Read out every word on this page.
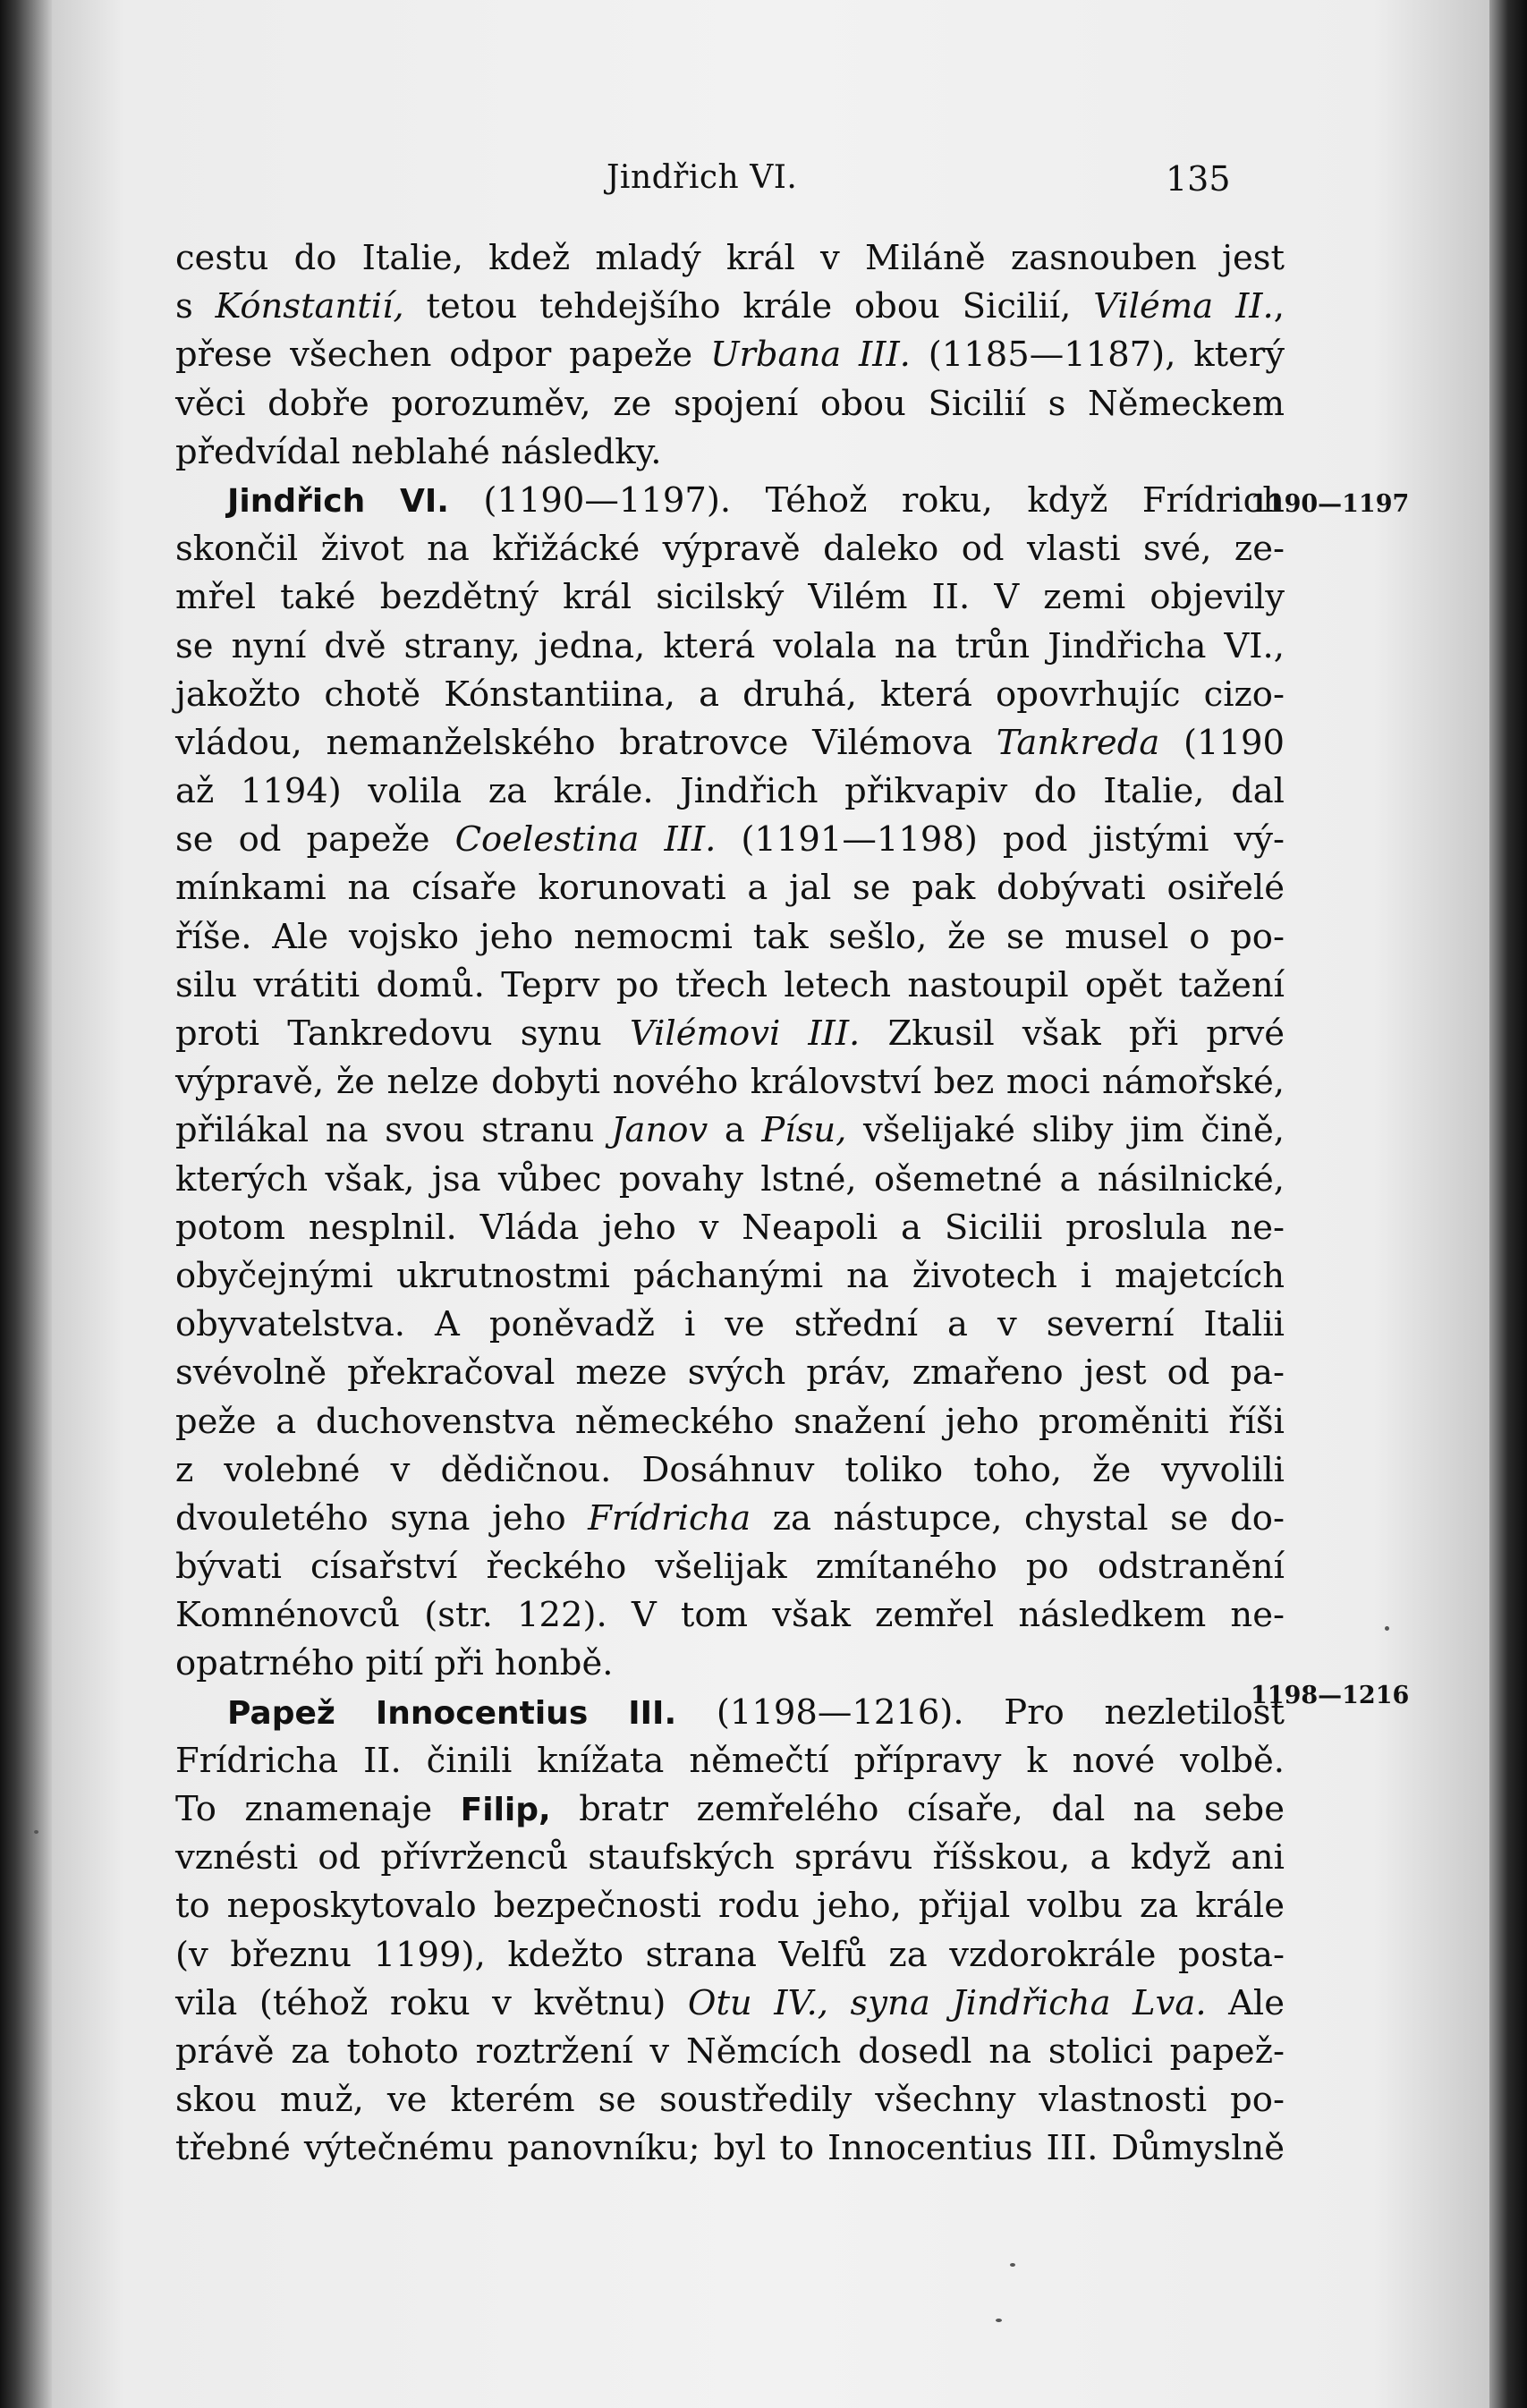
Jindřich VI.	135
cestu do Italie, kdež mladý král v Miláně zasnouben jest
s Kónstantií, tetou tehdejšího krále obou Sicilií, Viléma II.,
přese všechen odpor papeže Urbana III. (1185—1187), který
věci dobře porozuměv, ze spojení obou Sicilií s Německem
předvídal neblahé následky.
Jindřich VI. (1190—1197). Téhož roku, když Frídrich
skončil život na křižácké výpravě daleko od vlasti své, ze-
mřel také bezdětný král sicilský Vilém II. V zemi objevily
se nyní dvě strany, jedna, která volala na trůn Jindřicha VI.,
jakožto chotě Kónstantiina, a druhá, která opovrhujíc cizo-
vládou, nemanželského bratrovce Vilémova Tankreda (1190
až 1194) volila za krále. Jindřich přikvapiv do Italie, dal
se od papeže Coelestina III. (1191—1198) pod jistými vý-
mínkami na císaře korunovati a jal se pak dobývati osiřelé
říše. Ale vojsko jeho nemocmi tak sešlo, že se musel o po-
silu vrátiti domů. Teprv po třech letech nastoupil opět tažení
proti Tankredovu synu Vilémovi III. Zkusil však při prvé
výpravě, že nelze dobyti nového království bez moci námořské,
přilákal na svou stranu Janov a Písu, všelijaké sliby jim čině,
kterých však, jsa vůbec povahy lstné, ošemetné a násilnické,
potom nesplnil. Vláda jeho v Neapoli a Sicilii proslula ne-
obyčejnými ukrutnostmi páchanými na životech i majetcích
obyvatelstva. A poněvadž i ve střední a v severní Italii
svévolně překračoval meze svých práv, zmařeno jest od pa-
peže a duchovenstva německého snažení jeho proměniti říši
z volebné v dědičnou. Dosáhnuv toliko toho, že vyvolili
dvouletého syna jeho Frídricha za nástupce, chystal se do-
bývati císařství řeckého všelijak zmítaného po odstranění
Komnénovců (str. 122). V tom však zemřel následkem ne-
opatrného pití při honbě.
Papež Innocentius III. (1198—1216). Pro nezletilost
Frídricha II. činili knížata němečtí přípravy k nové volbě.
To znamenaje Filip, bratr zemřelého císaře, dal na sebe
vznésti od přívrženců staufských správu říšskou, a když ani
to neposkytovalo bezpečnosti rodu jeho, přijal volbu za krále
(v březnu 1199), kdežto strana Velfů za vzdorokrále posta-
vila (téhož roku v květnu) Otu IV., syna Jindřicha Lva. Ale
právě za tohoto roztržení v Němcích dosedl na stolici papež-
skou muž, ve kterém se soustředily všechny vlastnosti po-
třebné výtečnému panovníku; byl to Innocentius III. Důmyslně
1190—1197
1198—1216
